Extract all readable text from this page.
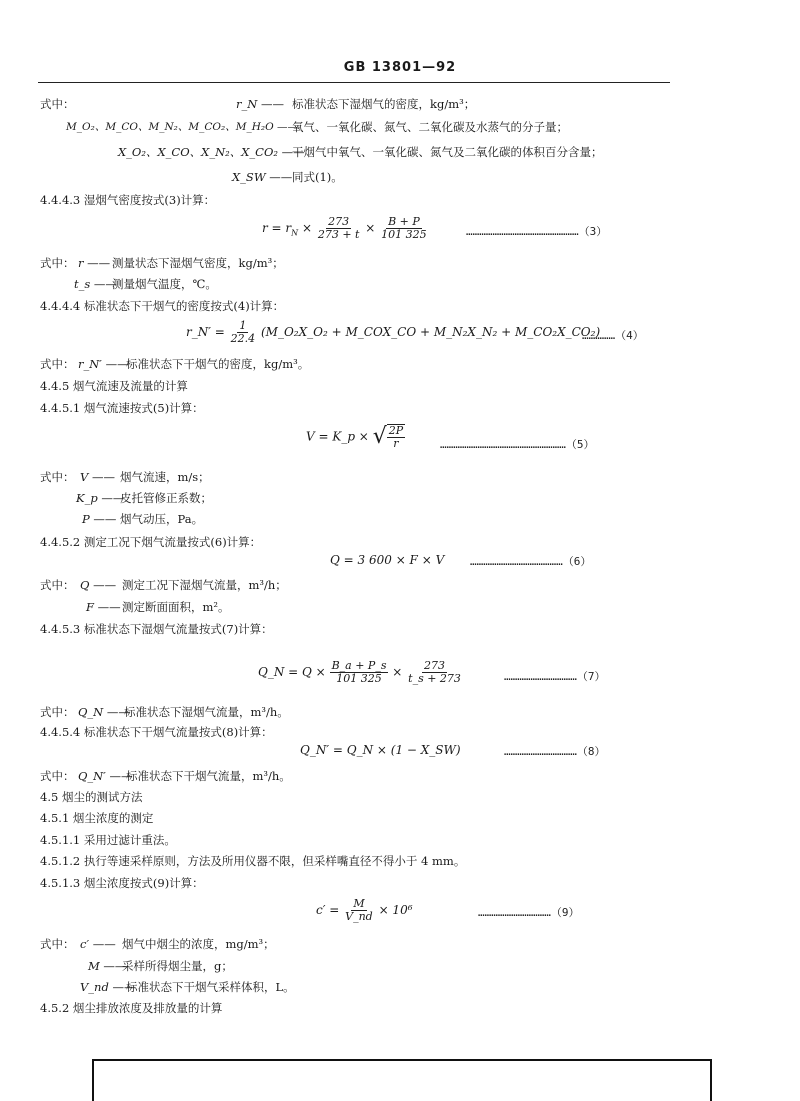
GB 13801—92
式中：	r_N —— 标准状态下湿烟气的密度，kg/m³；
M_O₂、M_CO、M_N₂、M_CO₂、M_H₂O ——
氧气、一氧化碳、氮气、二氧化碳及水蒸气的分子量；
X_O₂、X_CO、X_N₂、X_CO₂ ——
干烟气中氧气、一氧化碳、氮气及二氧化碳的体积百分含量；
X_SW —— 同式(1)。
4.4.4.3 湿烟气密度按式(3)计算：
$r = r_N \times \frac{273}{273 + t} \times \frac{B + P}{101 325}$	……………………………………………（3）
式中： r —— 测量状态下湿烟气密度，kg/m³；
t_s ——
测量烟气温度，℃。
4.4.4.4 标准状态下干烟气的密度按式(4)计算：
r_N′ = $\frac{1}{22.4}$ (M_O₂X_O₂ + M_COX_CO + M_N₂X_N₂ + M_CO₂X_CO₂)
……………（4）
式中： r_N′ ——
标准状态下干烟气的密度，kg/m³。
4.4.5 烟气流速及流量的计算
4.4.5.1 烟气流速按式(5)计算：
V = K_p × √ $\frac{2P}{r}$	…………………………………………………（5）
式中： V —— 烟气流速，m/s；
K_p ——
皮托管修正系数；
P —— 烟气动压，Pa。
4.4.5.2 测定工况下烟气流量按式(6)计算：
Q = 3 600 × F × V ……………………………………（6）
式中： Q —— 测定工况下湿烟气流量，m³/h；
F —— 测定断面面积，m²。
4.4.5.3 标准状态下湿烟气流量按式(7)计算：
Q_N = $Q \times \frac{B\_a + P\_s}{101 325} \times \frac{273}{t\_s + 273}$	……………………………（7）
式中： Q_N ——
标准状态下湿烟气流量，m³/h。
4.4.5.4 标准状态下干烟气流量按式(8)计算：
Q_N′ = Q_N × (1 − X_SW)	……………………………（8）
式中： Q_N′ ——
标准状态下干烟气流量，m³/h。
4.5 烟尘的测试方法
4.5.1 烟尘浓度的测定
4.5.1.1 采用过滤计重法。
4.5.1.2 执行等速采样原则，方法及所用仪器不限，但采样嘴直径不得小于 4 mm。
4.5.1.3 烟尘浓度按式(9)计算：
$c' = \frac{M}{V\_nd} \times 10^6$	……………………………（9）
式中： c′ —— 烟气中烟尘的浓度，mg/m³；
M ——
采样所得烟尘量，g；
V_nd ——
标准状态下干烟气采样体积，L。
4.5.2 烟尘排放浓度及排放量的计算
